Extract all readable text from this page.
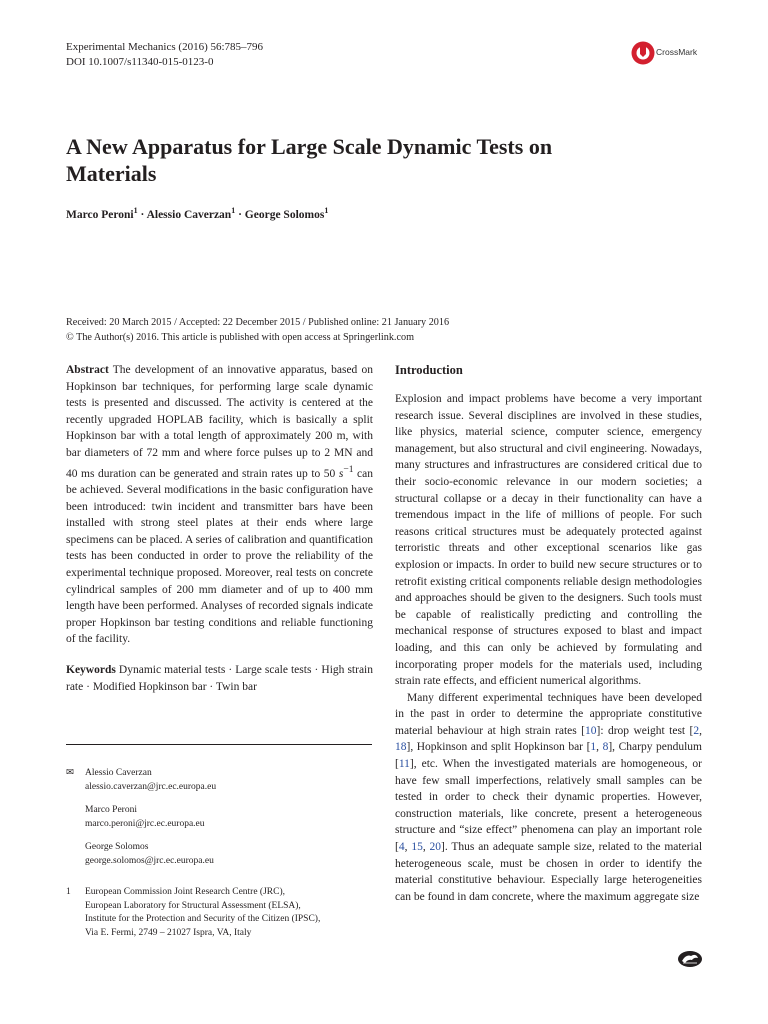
Experimental Mechanics (2016) 56:785–796
DOI 10.1007/s11340-015-0123-0
CrossMark
A New Apparatus for Large Scale Dynamic Tests on Materials
Marco Peroni$^1$ · Alessio Caverzan$^1$ · George Solomos$^1$
Received: 20 March 2015 / Accepted: 22 December 2015 / Published online: 21 January 2016
© The Author(s) 2016. This article is published with open access at Springerlink.com

Abstract The development of an innovative apparatus, based on Hopkinson bar techniques, for performing large scale dynamic tests is presented and discussed. The activity is centered at the recently upgraded HOPLAB facility, which is basically a split Hopkinson bar with a total length of approximately 200 m, with bar diameters of 72 mm and where force pulses up to 2 MN and 40 ms duration can be generated and strain rates up to 50 $s^{-1}$ can be achieved. Several modifications in the basic configuration have been introduced: twin incident and transmitter bars have been installed with strong steel plates at their ends where large specimens can be placed. A series of calibration and quantification tests has been conducted in order to prove the reliability of the experimental technique proposed. Moreover, real tests on concrete cylindrical samples of 200 mm diameter and of up to 400 mm length have been performed. Analyses of recorded signals indicate proper Hopkinson bar testing conditions and reliable functioning of the facility.

Keywords Dynamic material tests · Large scale tests · High strain rate · Modified Hopkinson bar · Twin bar

✉	Alessio Caverzan
alessio.caverzan@jrc.ec.europa.eu
Marco Peroni
marco.peroni@jrc.ec.europa.eu
George Solomos
george.solomos@jrc.ec.europa.eu
1	European Commission Joint Research Centre (JRC),
European Laboratory for Structural Assessment (ELSA),
Institute for the Protection and Security of the Citizen (IPSC),
Via E. Fermi, 2749 – 21027 Ispra, VA, Italy
Introduction

Explosion and impact problems have become a very important research issue. Several disciplines are involved in these studies, like physics, material science, computer science, emergency management, but also structural and civil engineering. Nowadays, many structures and infrastructures are considered critical due to their socio-economic relevance in our modern societies; a structural collapse or a decay in their functionality can have a tremendous impact in the life of millions of people. For such reasons critical structures must be adequately protected against terroristic threats and other exceptional scenarios like gas explosion or impacts. In order to build new secure structures or to retrofit existing critical components reliable design methodologies and approaches should be given to the designers. Such tools must be capable of realistically predicting and controlling the mechanical response of structures exposed to blast and impact loading, and this can only be achieved by formulating and incorporating proper models for the materials used, including strain rate effects, and efficient numerical algorithms.

Many different experimental techniques have been developed in the past in order to determine the appropriate constitutive material behaviour at high strain rates [10]: drop weight test [2, 18], Hopkinson and split Hopkinson bar [1, 8], Charpy pendulum [11], etc. When the investigated materials are homogeneous, or have few small imperfections, relatively small samples can be tested in order to check their dynamic properties. However, construction materials, like concrete, present a heterogeneous structure and “size effect” phenomena can play an important role [4, 15, 20]. Thus an adequate sample size, related to the material heterogeneous scale, must be chosen in order to identify the material constitutive behaviour. Especially large heterogeneities can be found in dam concrete, where the maximum aggregate size
